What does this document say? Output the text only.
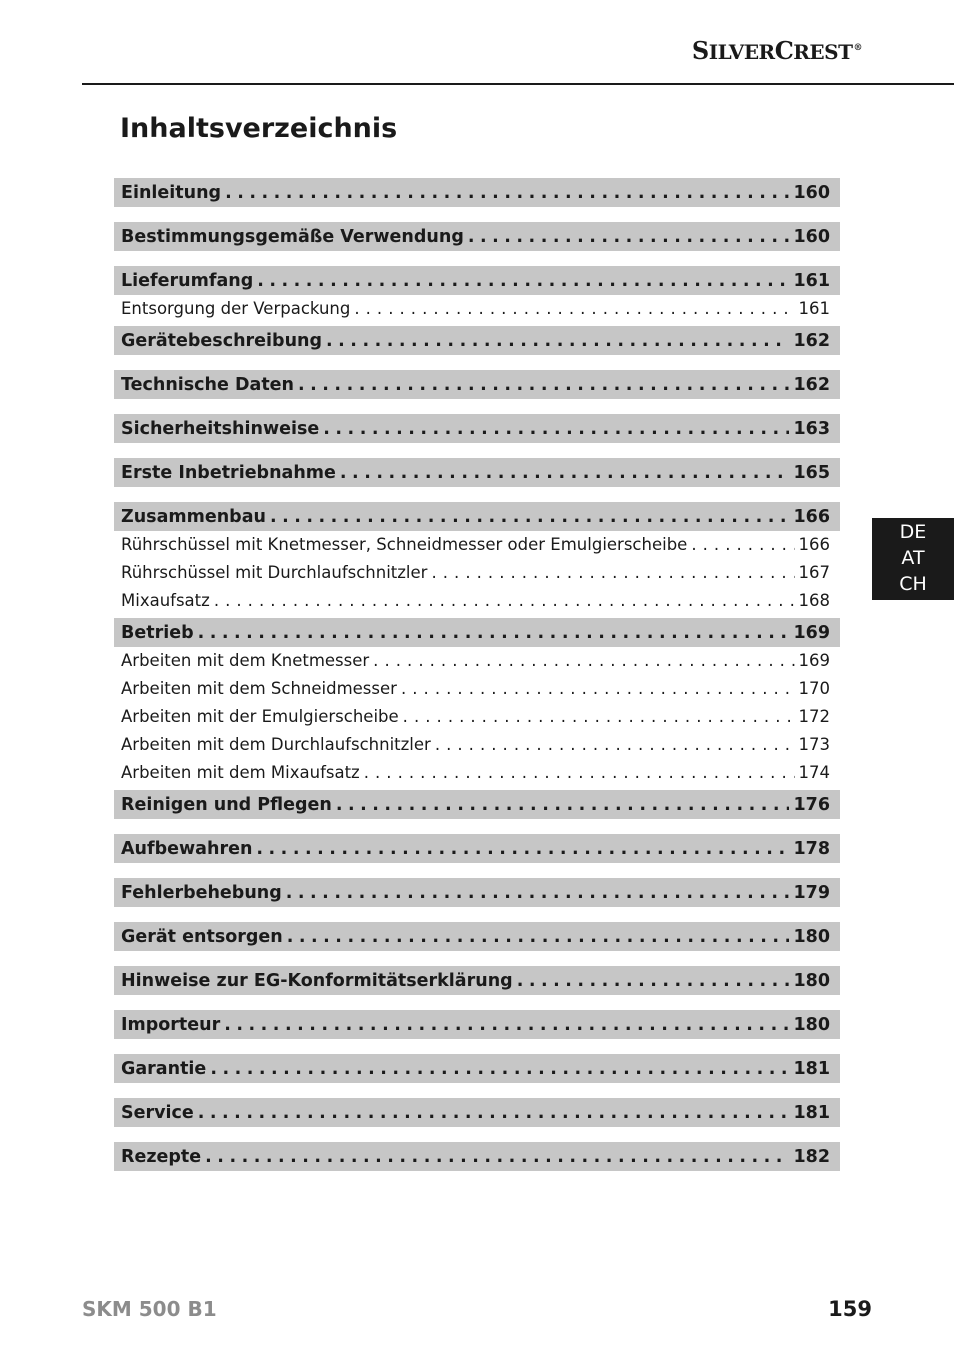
SILVERCREST®
Inhaltsverzeichnis
Einleitung . . .	160
Bestimmungsgemäße Verwendung . . .	160
Lieferumfang . . .	161
Entsorgung der Verpackung . . .	161
Gerätebeschreibung . . .	162
Technische Daten . . .	162
Sicherheitshinweise . . .	163
Erste Inbetriebnahme . . .	165
Zusammenbau . . .	166
Rührschüssel mit Knetmesser, Schneidmesser oder Emulgierscheibe . . .	166
Rührschüssel mit Durchlaufschnitzler . . .	167
Mixaufsatz . . .	168
Betrieb . . .	169
Arbeiten mit dem Knetmesser . . .	169
Arbeiten mit dem Schneidmesser . . .	170
Arbeiten mit der Emulgierscheibe . . .	172
Arbeiten mit dem Durchlaufschnitzler . . .	173
Arbeiten mit dem Mixaufsatz . . .	174
Reinigen und Pflegen . . .	176
Aufbewahren . . .	178
Fehlerbehebung . . .	179
Gerät entsorgen . . .	180
Hinweise zur EG-Konformitätserklärung . . .	180
Importeur . . .	180
Garantie . . .	181
Service . . .	181
Rezepte . . .	182
DE
AT
CH
SKM 500 B1	159
